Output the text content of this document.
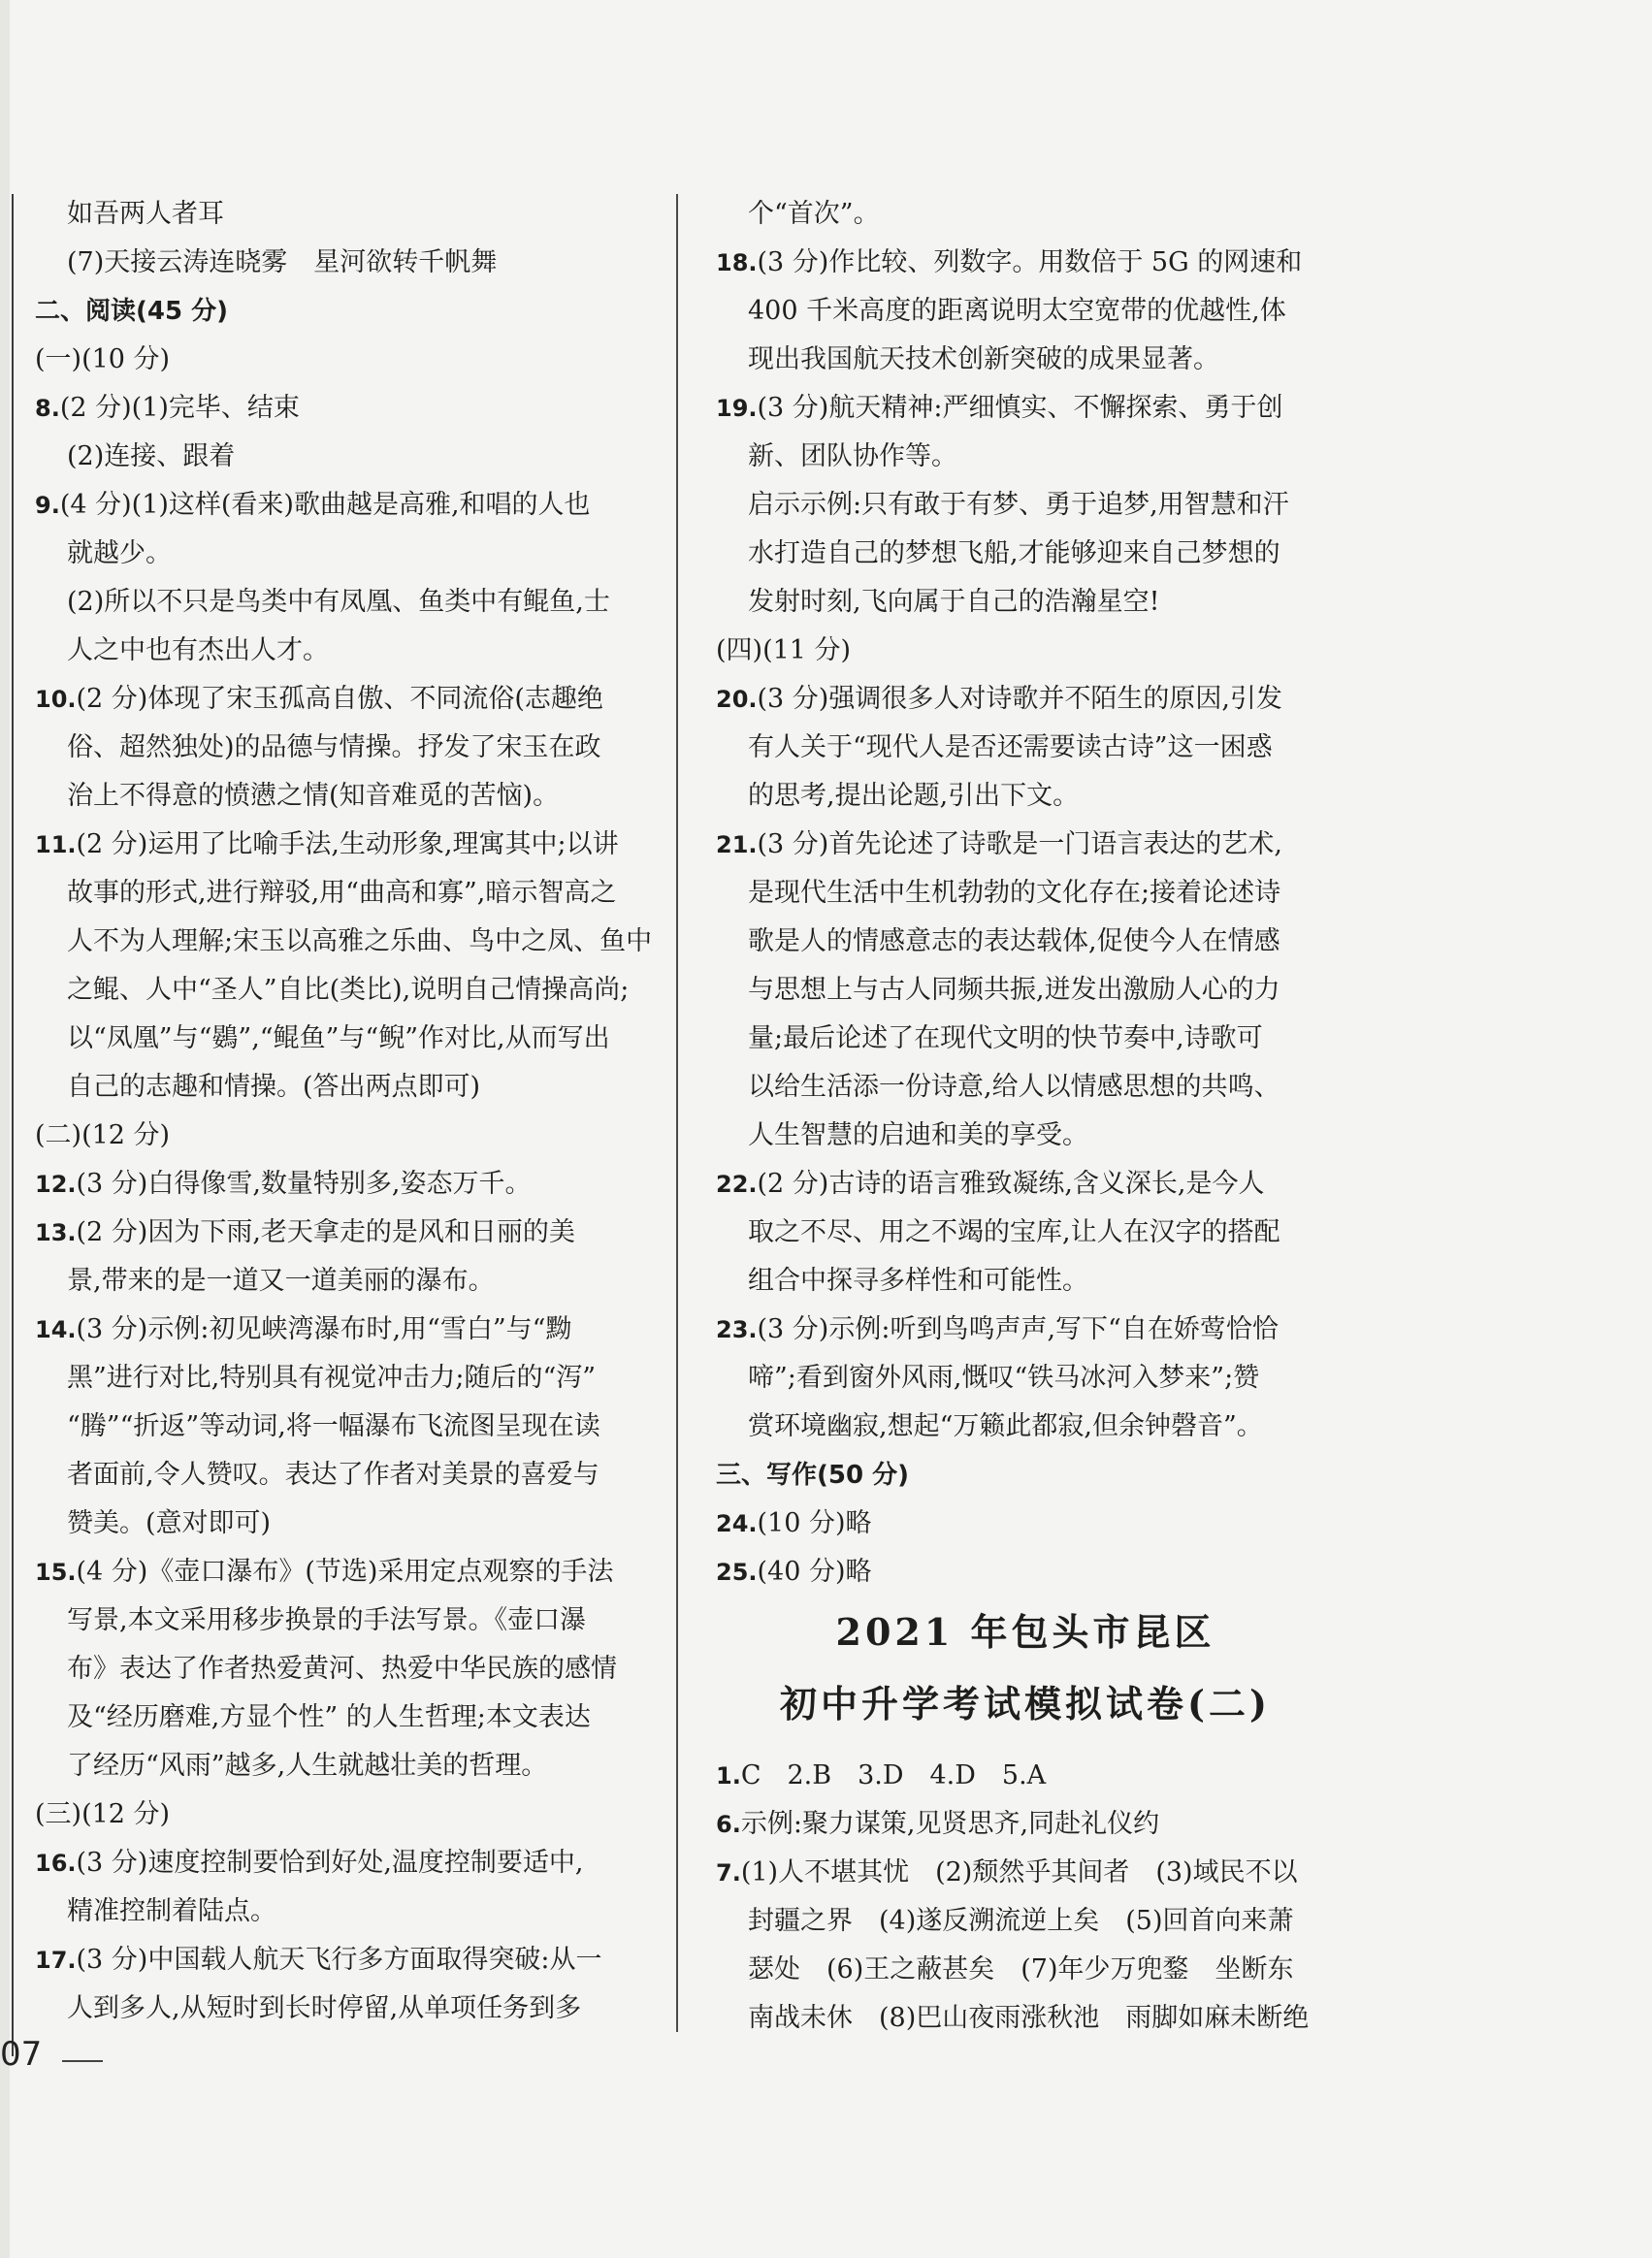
如吾两人者耳
(7)天接云涛连晓雾　星河欲转千帆舞
二、阅读(45 分)
(一)(10 分)
8.(2 分)(1)完毕、结束
(2)连接、跟着
9.(4 分)(1)这样(看来)歌曲越是高雅,和唱的人也
就越少。
(2)所以不只是鸟类中有凤凰、鱼类中有鲲鱼,士
人之中也有杰出人才。
10.(2 分)体现了宋玉孤高自傲、不同流俗(志趣绝
俗、超然独处)的品德与情操。抒发了宋玉在政
治上不得意的愤懑之情(知音难觅的苦恼)。
11.(2 分)运用了比喻手法,生动形象,理寓其中;以讲
故事的形式,进行辩驳,用“曲高和寡”,暗示智高之
人不为人理解;宋玉以高雅之乐曲、鸟中之凤、鱼中
之鲲、人中“圣人”自比(类比),说明自己情操高尚;
以“凤凰”与“鷃”,“鲲鱼”与“鲵”作对比,从而写出
自己的志趣和情操。(答出两点即可)
(二)(12 分)
12.(3 分)白得像雪,数量特别多,姿态万千。
13.(2 分)因为下雨,老天拿走的是风和日丽的美
景,带来的是一道又一道美丽的瀑布。
14.(3 分)示例:初见峡湾瀑布时,用“雪白”与“黝
黑”进行对比,特别具有视觉冲击力;随后的“泻”
“腾”“折返”等动词,将一幅瀑布飞流图呈现在读
者面前,令人赞叹。表达了作者对美景的喜爱与
赞美。(意对即可)
15.(4 分)《壶口瀑布》(节选)采用定点观察的手法
写景,本文采用移步换景的手法写景。《壶口瀑
布》表达了作者热爱黄河、热爱中华民族的感情
及“经历磨难,方显个性” 的人生哲理;本文表达
了经历“风雨”越多,人生就越壮美的哲理。
(三)(12 分)
16.(3 分)速度控制要恰到好处,温度控制要适中,
精准控制着陆点。
17.(3 分)中国载人航天飞行多方面取得突破:从一
人到多人,从短时到长时停留,从单项任务到多
个“首次”。
18.(3 分)作比较、列数字。用数倍于 5G 的网速和
400 千米高度的距离说明太空宽带的优越性,体
现出我国航天技术创新突破的成果显著。
19.(3 分)航天精神:严细慎实、不懈探索、勇于创
新、团队协作等。
启示示例:只有敢于有梦、勇于追梦,用智慧和汗
水打造自己的梦想飞船,才能够迎来自己梦想的
发射时刻,飞向属于自己的浩瀚星空!
(四)(11 分)
20.(3 分)强调很多人对诗歌并不陌生的原因,引发
有人关于“现代人是否还需要读古诗”这一困惑
的思考,提出论题,引出下文。
21.(3 分)首先论述了诗歌是一门语言表达的艺术,
是现代生活中生机勃勃的文化存在;接着论述诗
歌是人的情感意志的表达载体,促使今人在情感
与思想上与古人同频共振,迸发出激励人心的力
量;最后论述了在现代文明的快节奏中,诗歌可
以给生活添一份诗意,给人以情感思想的共鸣、
人生智慧的启迪和美的享受。
22.(2 分)古诗的语言雅致凝练,含义深长,是今人
取之不尽、用之不竭的宝库,让人在汉字的搭配
组合中探寻多样性和可能性。
23.(3 分)示例:听到鸟鸣声声,写下“自在娇莺恰恰
啼”;看到窗外风雨,慨叹“铁马冰河入梦来”;赞
赏环境幽寂,想起“万籁此都寂,但余钟磬音”。
三、写作(50 分)
24.(10 分)略
25.(40 分)略
2021 年包头市昆区
初中升学考试模拟试卷(二)
1.C　2.B　3.D　4.D　5.A
6.示例:聚力谋策,见贤思齐,同赴礼仪约
7.(1)人不堪其忧　(2)颓然乎其间者　(3)域民不以
封疆之界　(4)遂反溯流逆上矣　(5)回首向来萧
瑟处　(6)王之蔽甚矣　(7)年少万兜鍪　坐断东
南战未休　(8)巴山夜雨涨秋池　雨脚如麻未断绝
07
